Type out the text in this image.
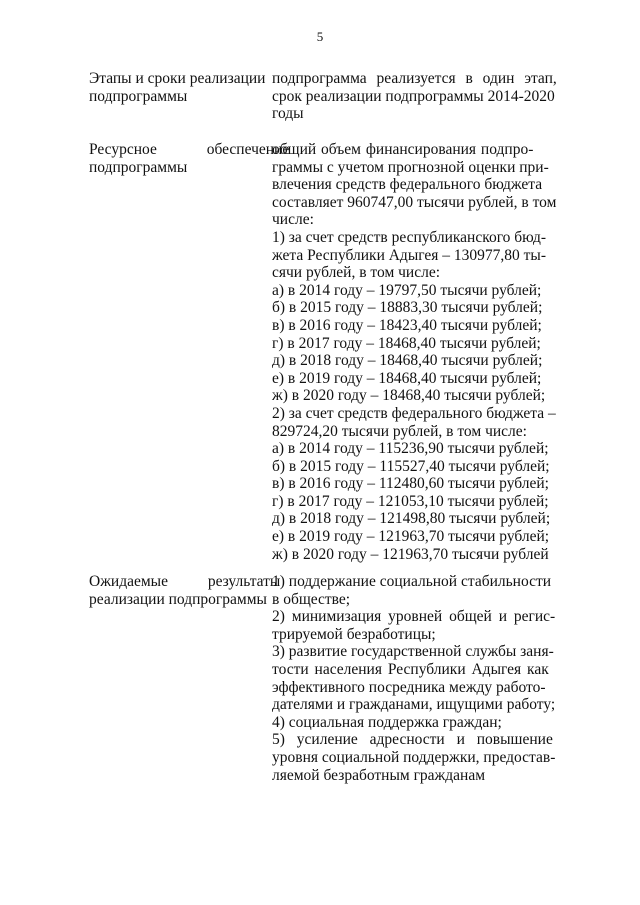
5
Этапы и сроки реализации
подпрограммы
подпрограмма реализуется в один этап,
срок реализации подпрограммы 2014-2020
годы
Ресурсное обеспечение
подпрограммы
общий объем финансирования подпро-
граммы с учетом прогнозной оценки при-
влечения средств федерального бюджета
составляет 960747,00 тысячи рублей, в том
числе:
1) за счет средств республиканского бюд-
жета Республики Адыгея – 130977,80 ты-
сячи рублей, в том числе:
а) в 2014 году – 19797,50 тысячи рублей;
б) в 2015 году – 18883,30 тысячи рублей;
в) в 2016 году – 18423,40 тысячи рублей;
г) в 2017 году – 18468,40 тысячи рублей;
д) в 2018 году – 18468,40 тысячи рублей;
е) в 2019 году – 18468,40 тысячи рублей;
ж) в 2020 году – 18468,40 тысячи рублей;
2) за счет средств федерального бюджета –
829724,20 тысячи рублей, в том числе:
а) в 2014 году – 115236,90 тысячи рублей;
б) в 2015 году – 115527,40 тысячи рублей;
в) в 2016 году – 112480,60 тысячи рублей;
г) в 2017 году – 121053,10 тысячи рублей;
д) в 2018 году – 121498,80 тысячи рублей;
е) в 2019 году – 121963,70 тысячи рублей;
ж) в 2020 году – 121963,70 тысячи рублей
Ожидаемые результаты
реализации подпрограммы
1) поддержание социальной стабильности
в обществе;
2) минимизация уровней общей и регис-
трируемой безработицы;
3) развитие государственной службы заня-
тости населения Республики Адыгея как
эффективного посредника между работо-
дателями и гражданами, ищущими работу;
4) социальная поддержка граждан;
5) усиление адресности и повышение
уровня социальной поддержки, предостав-
ляемой безработным гражданам
